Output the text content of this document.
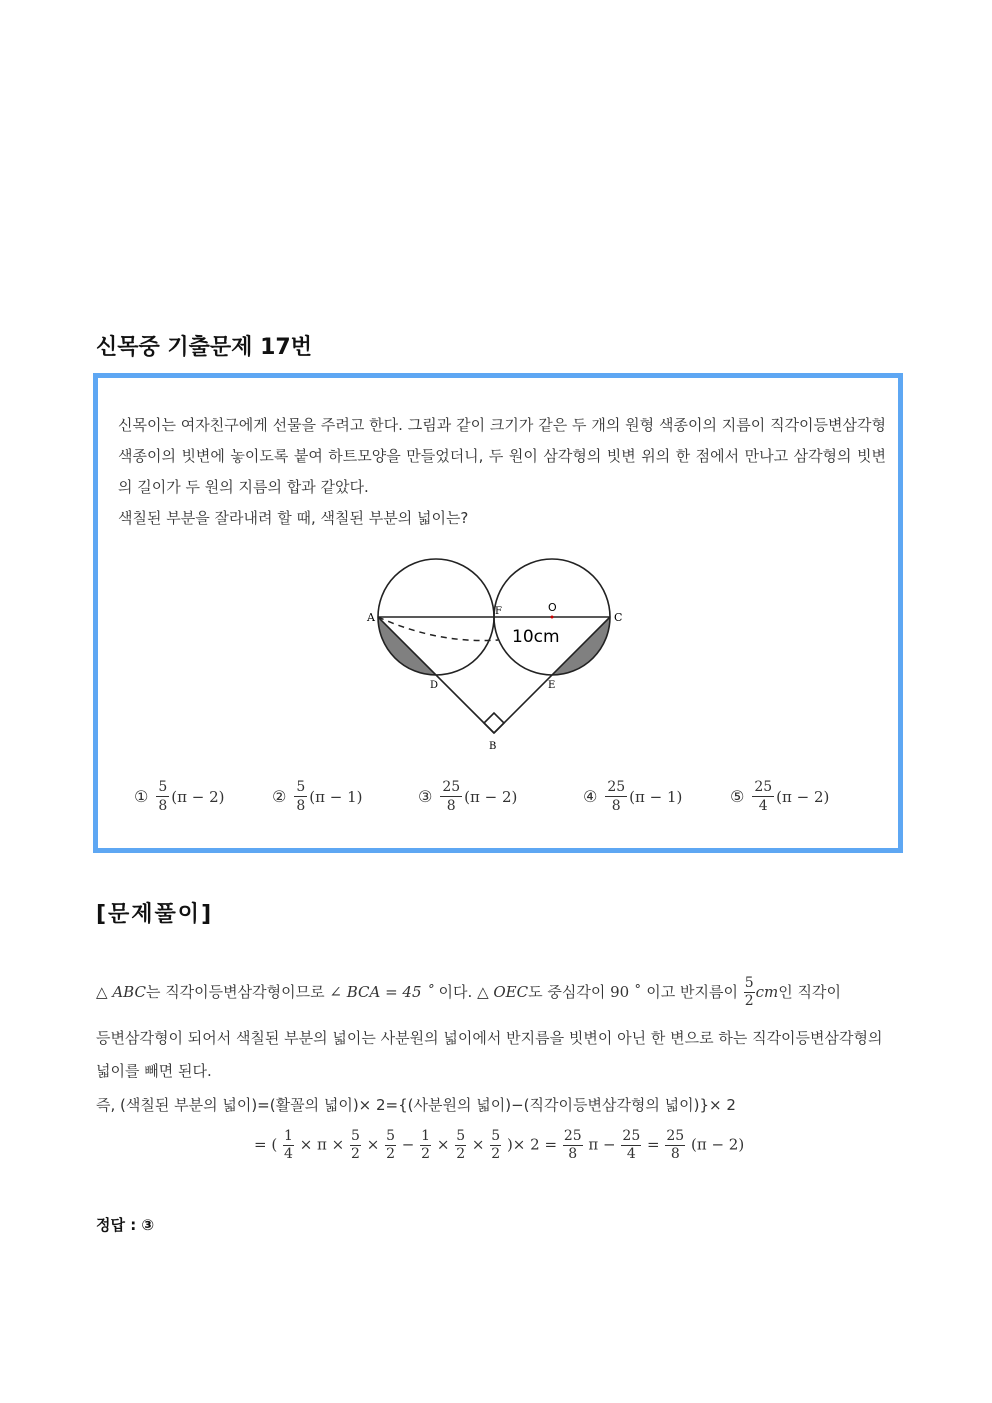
신목중 기출문제 17번

신목이는 여자친구에게 선물을 주려고 한다. 그림과 같이 크기가 같은 두 개의 원형 색종이의 지름이 직각이등변삼각형 색종이의 빗변에 놓이도록 붙여 하트모양을 만들었더니, 두 원이 삼각형의 빗변 위의 한 점에서 만나고 삼각형의 빗변의 길이가 두 원의 지름의 합과 같았다.

색칠된 부분을 잘라내려 할 때, 색칠된 부분의 넓이는?

A	C
F	O
D	E
B
10cm
① $\frac{5}{8} (\pi - 2)$	② $\frac{5}{8} (\pi - 1)$	③ $\frac{25}{8} (\pi - 2)$	④ $\frac{25}{8} (\pi - 1)$	⑤ $\frac{25}{4} (\pi - 2)$
[문제풀이]
△ ABC는 직각이등변삼각형이므로 ∠ BCA = 45 ˚ 이다. △ OEC도 중심각이 90 ˚ 이고 반지름이 $\frac{5}{2}$ cm인 직각이
등변삼각형이 되어서 색칠된 부분의 넓이는 사분원의 넓이에서 반지름을 빗변이 아닌 한 변으로 하는 직각이등변삼각형의
넓이를 빼면 된다.
즉, (색칠된 부분의 넓이)=(활꼴의 넓이)× 2={(사분원의 넓이)−(직각이등변삼각형의 넓이)}× 2
= ( $\frac{1}{4} \times \pi \times \frac{5}{2} \times \frac{5}{2} - \frac{1}{2} \times \frac{5}{2} \times \frac{5}{2}$ )× $2 = \frac{25}{8}$ $\pi - \frac{25}{4} = \frac{25}{8} (\pi - 2)$
정답 : ③
